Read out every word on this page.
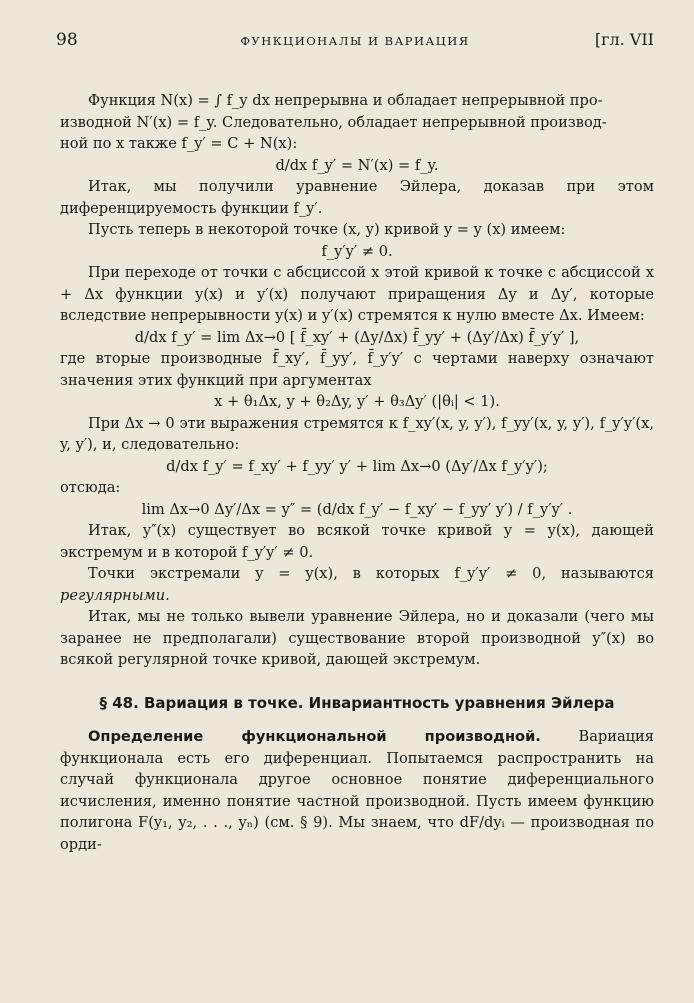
98	ФУНКЦИОНАЛЫ И ВАРИАЦИЯ	[гл. VII

Функция N(x) = ∫ f_y dx непрерывна и обладает непрерывной про-

изводной N′(x) = f_y. Следовательно, обладает непрерывной производ-

ной по x также f_y′ = C + N(x):

d/dx f_y′ = N′(x) = f_y.

Итак, мы получили уравнение Эйлера, доказав при этом диференцируемость функции f_y′.

Пусть теперь в некоторой точке (x, y) кривой y = y (x) имеем:

f_y′y′ ≠ 0.

При переходе от точки с абсциссой x этой кривой к точке с абсциссой x + Δx функции y(x) и y′(x) получают приращения Δy и Δy′, которые вследствие непрерывности y(x) и y′(x) стремятся к нулю вместе Δx. Имеем:

d/dx f_y′ = lim Δx→0 [ f̄_xy′ + (Δy/Δx) f̄_yy′ + (Δy′/Δx) f̄_y′y′ ],

где вторые производные f̄_xy′, f̄_yy′, f̄_y′y′ с чертами наверху означают значения этих функций при аргументах

x + θ₁Δx, y + θ₂Δy, y′ + θ₃Δy′ (|θᵢ| < 1).

При Δx → 0 эти выражения стремятся к f_xy′(x, y, y′), f_yy′(x, y, y′), f_y′y′(x, y, y′), и, следовательно:

d/dx f_y′ = f_xy′ + f_yy′ y′ + lim Δx→0 (Δy′/Δx f_y′y′);

отсюда:

lim Δx→0 Δy′/Δx = y″ = (d/dx f_y′ − f_xy′ − f_yy′ y′) / f_y′y′ .

Итак, y″(x) существует во всякой точке кривой y = y(x), дающей экстремум и в которой f_y′y′ ≠ 0.

Точки экстремали y = y(x), в которых f_y′y′ ≠ 0, называются регулярными.

Итак, мы не только вывели уравнение Эйлера, но и доказали (чего мы заранее не предполагали) существование второй производной y″(x) во всякой регулярной точке кривой, дающей экстремум.

§ 48. Вариация в точке. Инвариантность уравнения Эйлера

Определение функциональной производной. Вариация функционала есть его диференциал. Попытаемся распространить на случай функционала другое основное понятие диференциального исчисления, именно понятие частной производной. Пусть имеем функцию полигона F(y₁, y₂, . . ., yₙ) (см. § 9). Мы знаем, что dF/dyᵢ — производная по орди-
